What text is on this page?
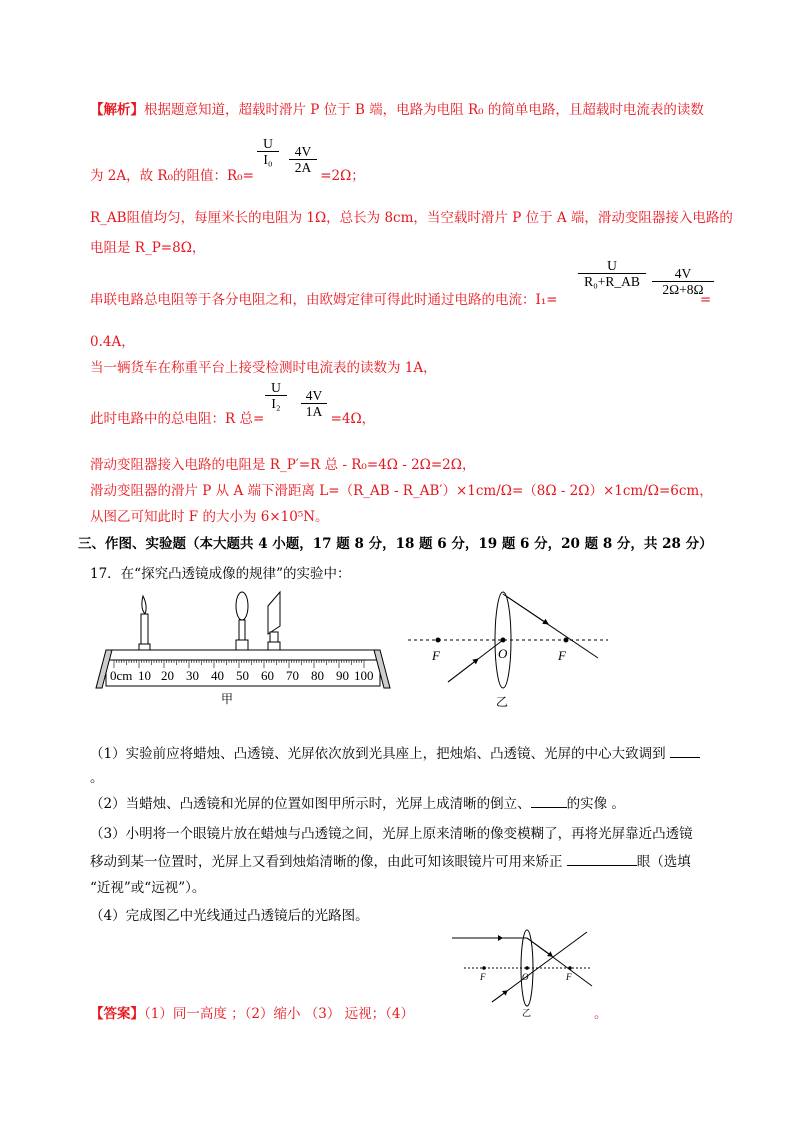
【解析】根据题意知道，超载时滑片 P 位于 B 端，电路为电阻 R₀ 的简单电路，且超载时电流表的读数
为 2A，故 R₀的阻值：R₀=	=2Ω；
$\frac{U}{\text{I₀}} \frac{4V}{2A}$
R_AB阻值均匀，每厘米长的电阻为 1Ω，总长为 8cm，当空载时滑片 P 位于 A 端，滑动变阻器接入电路的
电阻是 R_P=8Ω，
串联电路总电阻等于各分电阻之和，由欧姆定律可得此时通过电路的电流：I₁=	=
$\frac{U}{\text{R₀+R\_AB}} \frac{4V}{2\Omega+8\Omega}$
0.4A，
当一辆货车在称重平台上接受检测时电流表的读数为 1A，
此时电路中的总电阻：R 总=	=4Ω，
$\frac{U}{\text{I₂}} \frac{4V}{1A}$
滑动变阻器接入电路的电阻是 R_P′=R 总 - R₀=4Ω - 2Ω=2Ω，
滑动变阻器的滑片 P 从 A 端下滑距离 L=（R_AB - R_AB′）×1cm/Ω=（8Ω - 2Ω）×1cm/Ω=6cm，
从图乙可知此时 F 的大小为 6×10⁵N。
三、作图、实验题（本大题共 4 小题，17 题 8 分，18 题 6 分，19 题 6 分，20 题 8 分，共 28 分）
17．在“探究凸透镜成像的规律”的实验中：
0cm 10 20 30 40 50 60 70 80 90 100
甲
F	O	F
乙
（1）实验前应将蜡烛、凸透镜、光屏依次放到光具座上，把烛焰、凸透镜、光屏的中心大致调到
。
（2）当蜡烛、凸透镜和光屏的位置如图甲所示时，光屏上成清晰的倒立、	的实像 。
（3）小明将一个眼镜片放在蜡烛与凸透镜之间，光屏上原来清晰的像变模糊了，再将光屏靠近凸透镜
移动到某一位置时，光屏上又看到烛焰清晰的像，由此可知该眼镜片可用来矫正	眼（选填
“近视”或“远视”）。
（4）完成图乙中光线通过凸透镜后的光路图。
F	O	F
乙
【答案】（1）同一高度 ；（2）缩小 （3） 远视；（4）	。
